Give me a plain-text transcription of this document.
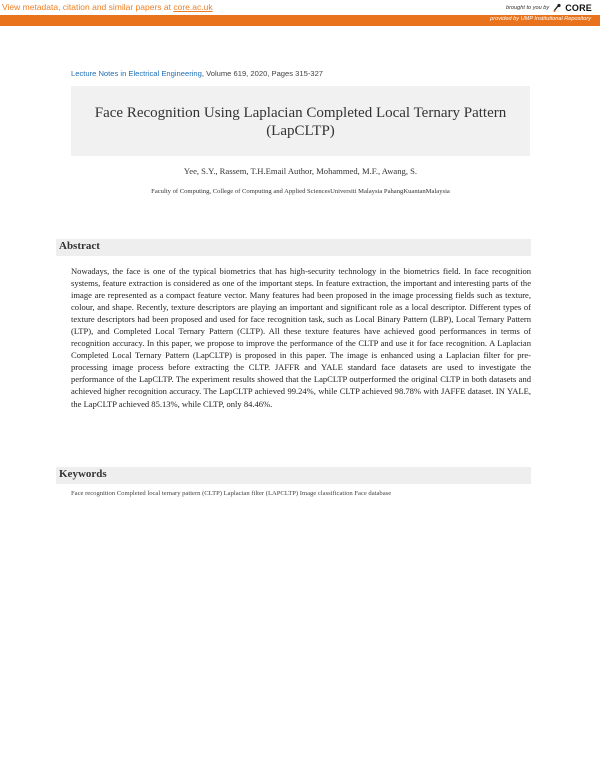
View metadata, citation and similar papers at core.ac.uk	brought to you by CORE
provided by UMP Institutional Repository
Lecture Notes in Electrical Engineering, Volume 619, 2020, Pages 315-327
Face Recognition Using Laplacian Completed Local Ternary Pattern
(LapCLTP)
Yee, S.Y., Rassem, T.H.Email Author, Mohammed, M.F., Awang, S.
Faculty of Computing, College of Computing and Applied SciencesUniversiti Malaysia PahangKuantanMalaysia
Abstract
Nowadays, the face is one of the typical biometrics that has high-security technology in the biometrics field. In face recognition systems, feature extraction is considered as one of the important steps. In feature extraction, the important and interesting parts of the image are represented as a compact feature vector. Many features had been proposed in the image processing fields such as texture, colour, and shape. Recently, texture descriptors are playing an important and significant role as a local descriptor. Different types of texture descriptors had been proposed and used for face recognition task, such as Local Binary Pattern (LBP), Local Ternary Pattern (LTP), and Completed Local Ternary Pattern (CLTP). All these texture features have achieved good performances in terms of recognition accuracy. In this paper, we propose to improve the performance of the CLTP and use it for face recognition. A Laplacian Completed Local Ternary Pattern (LapCLTP) is proposed in this paper. The image is enhanced using a Laplacian filter for pre-processing image process before extracting the CLTP. JAFFR and YALE standard face datasets are used to investigate the performance of the LapCLTP. The experiment results showed that the LapCLTP outperformed the original CLTP in both datasets and achieved higher recognition accuracy. The LapCLTP achieved 99.24%, while CLTP achieved 98.78% with JAFFE dataset. IN YALE, the LapCLTP achieved 85.13%, while CLTP, only 84.46%.
Keywords
Face recognition Completed local ternary pattern (CLTP) Laplacian filter (LAPCLTP) Image classification Face database
